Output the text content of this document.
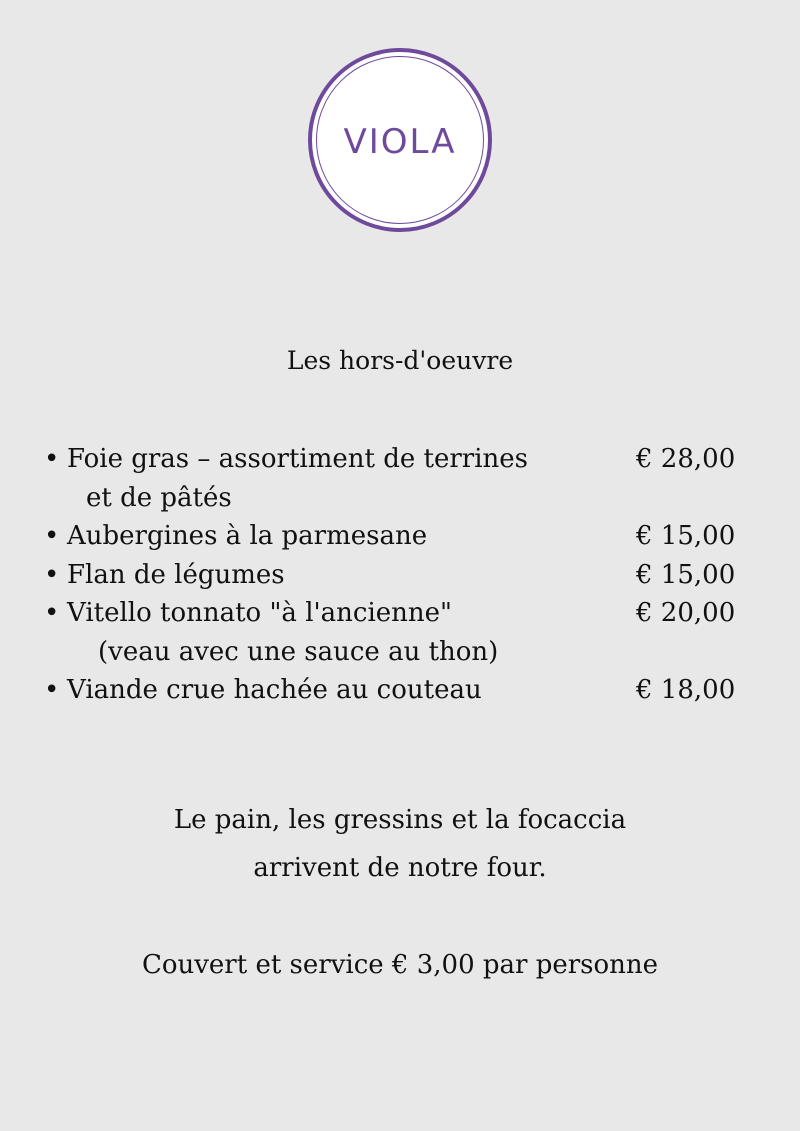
VIOLA
Les hors-d'oeuvre
• Foie gras – assortiment de terrines	€ 28,00
et de pâtés
• Aubergines à la parmesane	€ 15,00
• Flan de légumes	€ 15,00
• Vitello tonnato "à l'ancienne"	€ 20,00
(veau avec une sauce au thon)
• Viande crue hachée au couteau	€ 18,00
Le pain, les gressins et la focaccia
arrivent de notre four.
Couvert et service € 3,00 par personne
